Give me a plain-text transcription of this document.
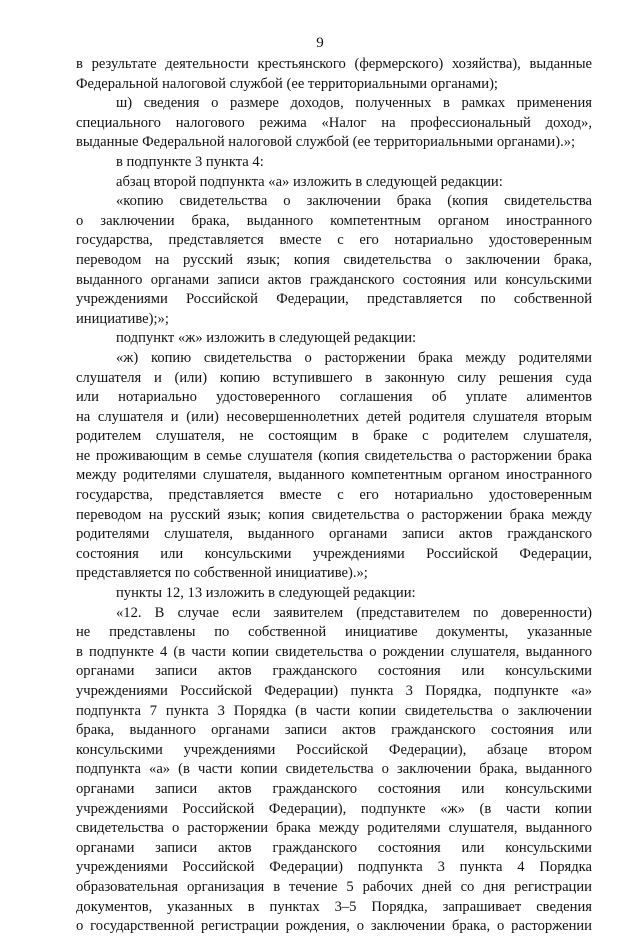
9
в результате деятельности крестьянского (фермерского) хозяйства), выданные
Федеральной налоговой службой (ее территориальными органами);
ш) сведения о размере доходов, полученных в рамках применения
специального налогового режима «Налог на профессиональный доход»,
выданные Федеральной налоговой службой (ее территориальными органами).»;
в подпункте 3 пункта 4:
абзац второй подпункта «а» изложить в следующей редакции:
«копию свидетельства о заключении брака (копия свидетельства
о заключении брака, выданного компетентным органом иностранного
государства, представляется вместе с его нотариально удостоверенным
переводом на русский язык; копия свидетельства о заключении брака,
выданного органами записи актов гражданского состояния или консульскими
учреждениями Российской Федерации, представляется по собственной
инициативе);»;
подпункт «ж» изложить в следующей редакции:
«ж) копию свидетельства о расторжении брака между родителями
слушателя и (или) копию вступившего в законную силу решения суда
или нотариально удостоверенного соглашения об уплате алиментов
на слушателя и (или) несовершеннолетних детей родителя слушателя вторым
родителем слушателя, не состоящим в браке с родителем слушателя,
не проживающим в семье слушателя (копия свидетельства о расторжении брака
между родителями слушателя, выданного компетентным органом иностранного
государства, представляется вместе с его нотариально удостоверенным
переводом на русский язык; копия свидетельства о расторжении брака между
родителями слушателя, выданного органами записи актов гражданского
состояния или консульскими учреждениями Российской Федерации,
представляется по собственной инициативе).»;
пункты 12, 13 изложить в следующей редакции:
«12. В случае если заявителем (представителем по доверенности)
не представлены по собственной инициативе документы, указанные
в подпункте 4 (в части копии свидетельства о рождении слушателя, выданного
органами записи актов гражданского состояния или консульскими
учреждениями Российской Федерации) пункта 3 Порядка, подпункте «а»
подпункта 7 пункта 3 Порядка (в части копии свидетельства о заключении
брака, выданного органами записи актов гражданского состояния или
консульскими учреждениями Российской Федерации), абзаце втором
подпункта «а» (в части копии свидетельства о заключении брака, выданного
органами записи актов гражданского состояния или консульскими
учреждениями Российской Федерации), подпункте «ж» (в части копии
свидетельства о расторжении брака между родителями слушателя, выданного
органами записи актов гражданского состояния или консульскими
учреждениями Российской Федерации) подпункта 3 пункта 4 Порядка
образовательная организация в течение 5 рабочих дней со дня регистрации
документов, указанных в пунктах 3–5 Порядка, запрашивает сведения
о государственной регистрации рождения, о заключении брака, о расторжении
